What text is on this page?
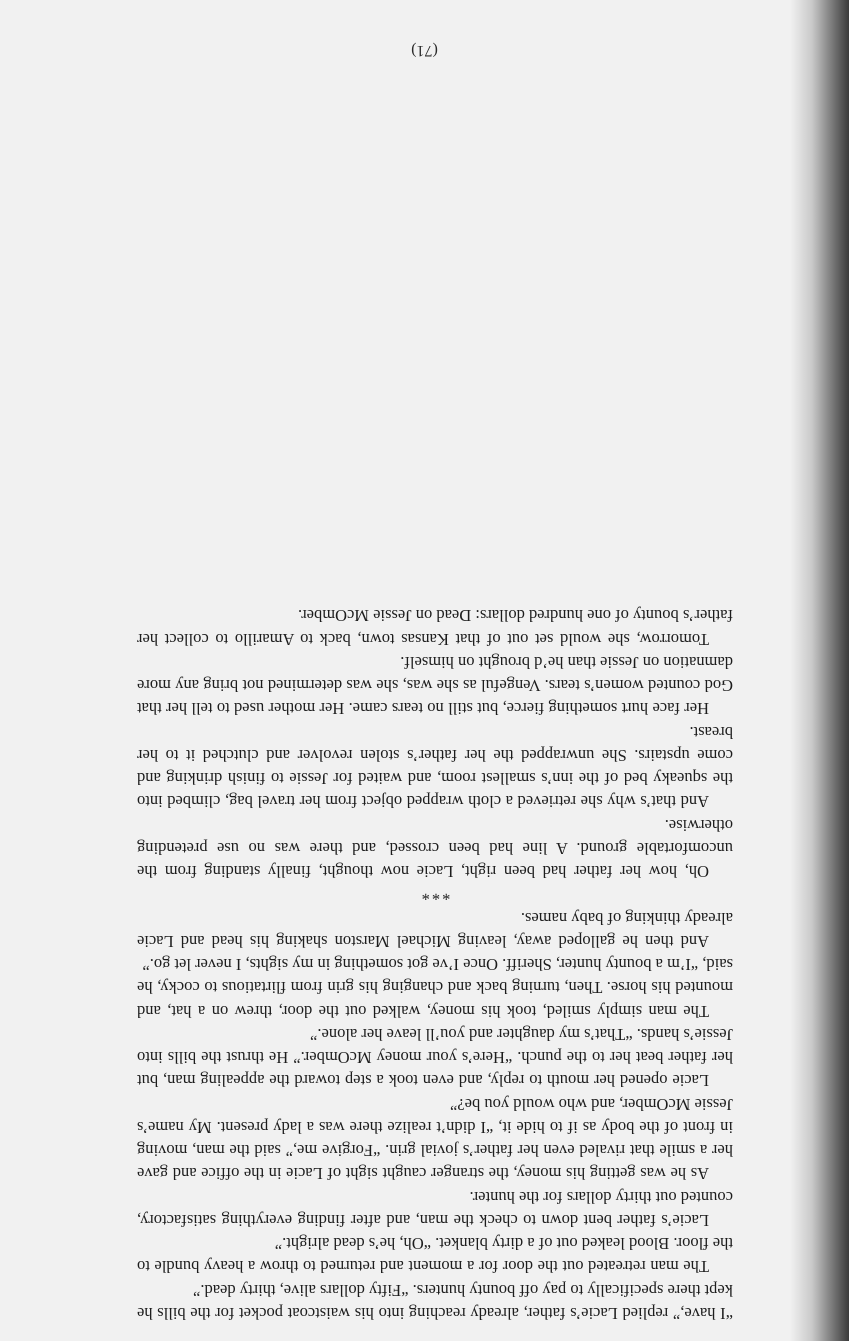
“I have,” replied Lacie’s father, already reaching into his waistcoat pocket for the bills he kept there specifically to pay off bounty hunters. “Fifty dollars alive, thirty dead.”

The man retreated out the door for a moment and returned to throw a heavy bundle to the floor. Blood leaked out of a dirty blanket. “Oh, he’s dead alright.”

Lacie’s father bent down to check the man, and after finding everything satisfactory, counted out thirty dollars for the hunter.

As he was getting his money, the stranger caught sight of Lacie in the office and gave her a smile that rivaled even her father’s jovial grin. “Forgive me,” said the man, moving in front of the body as if to hide it, “I didn’t realize there was a lady present. My name’s Jessie McOmber, and who would you be?”

Lacie opened her mouth to reply, and even took a step toward the appealing man, but her father beat her to the punch. “Here’s your money McOmber.” He thrust the bills into Jessie’s hands. “That’s my daughter and you’ll leave her alone.”

The man simply smiled, took his money, walked out the door, threw on a hat, and mounted his horse. Then, turning back and changing his grin from flirtatious to cocky, he said, “I’m a bounty hunter, Sheriff. Once I’ve got something in my sights, I never let go.”

And then he galloped away, leaving Michael Marston shaking his head and Lacie already thinking of baby names.

***

Oh, how her father had been right, Lacie now thought, finally standing from the uncomfortable ground. A line had been crossed, and there was no use pretending otherwise.

And that’s why she retrieved a cloth wrapped object from her travel bag, climbed into the squeaky bed of the inn’s smallest room, and waited for Jessie to finish drinking and come upstairs. She unwrapped the her father’s stolen revolver and clutched it to her breast.

Her face hurt something fierce, but still no tears came. Her mother used to tell her that God counted women’s tears. Vengeful as she was, she was determined not bring any more damnation on Jessie than he’d brought on himself.

Tomorrow, she would set out of that Kansas town, back to Amarillo to collect her father’s bounty of one hundred dollars: Dead on Jessie McOmber.

(71)
